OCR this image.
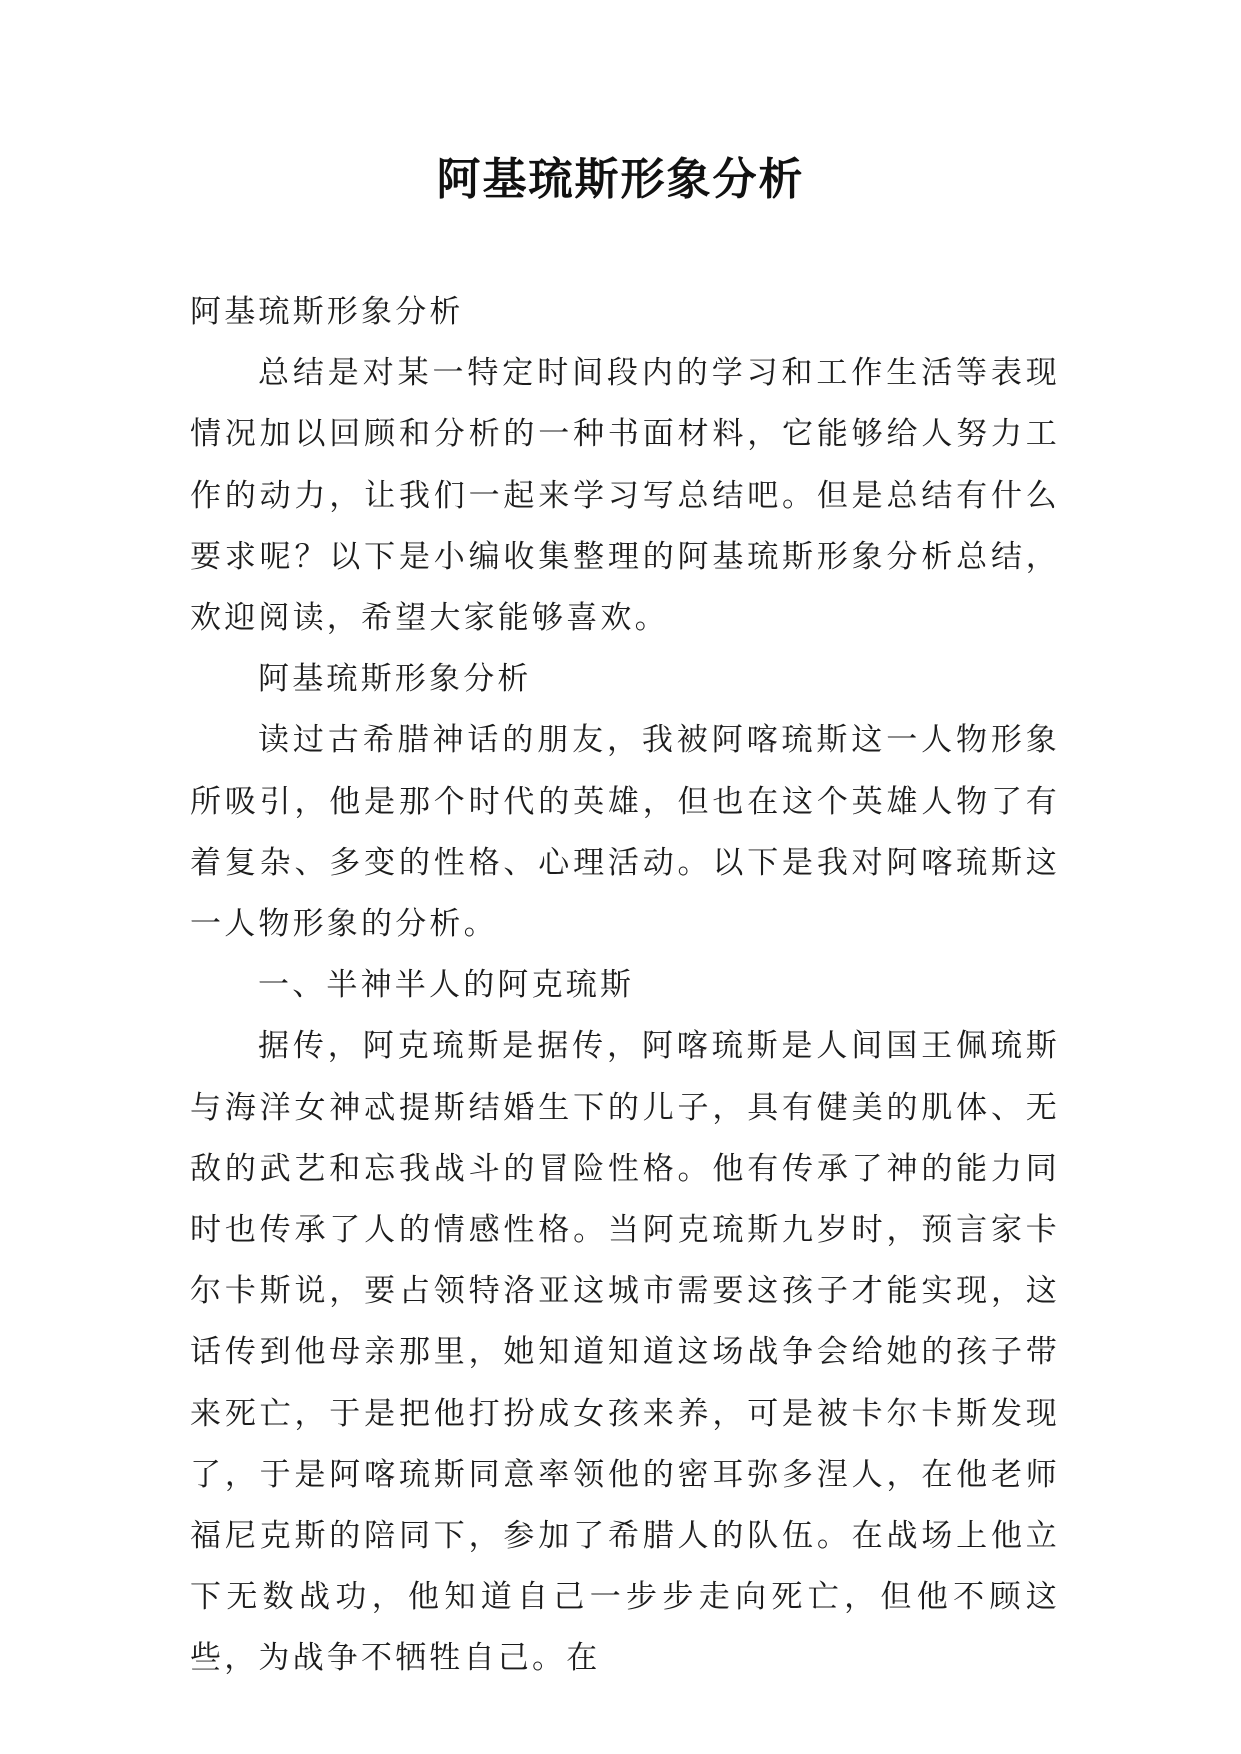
阿基琉斯形象分析

阿基琉斯形象分析

总结是对某一特定时间段内的学习和工作生活等表现情况加以回顾和分析的一种书面材料，它能够给人努力工作的动力，让我们一起来学习写总结吧。但是总结有什么要求呢？以下是小编收集整理的阿基琉斯形象分析总结，欢迎阅读，希望大家能够喜欢。

阿基琉斯形象分析

读过古希腊神话的朋友，我被阿喀琉斯这一人物形象所吸引，他是那个时代的英雄，但也在这个英雄人物了有着复杂、多变的性格、心理活动。以下是我对阿喀琉斯这一人物形象的分析。

一、半神半人的阿克琉斯

据传，阿克琉斯是据传，阿喀琉斯是人间国王佩琉斯与海洋女神忒提斯结婚生下的儿子，具有健美的肌体、无敌的武艺和忘我战斗的冒险性格。他有传承了神的能力同时也传承了人的情感性格。当阿克琉斯九岁时，预言家卡尔卡斯说，要占领特洛亚这城市需要这孩子才能实现，这话传到他母亲那里，她知道知道这场战争会给她的孩子带来死亡，于是把他打扮成女孩来养，可是被卡尔卡斯发现了，于是阿喀琉斯同意率领他的密耳弥多涅人，在他老师福尼克斯的陪同下，参加了希腊人的队伍。在战场上他立下无数战功，他知道自己一步步走向死亡，但他不顾这些，为战争不牺牲自己。在
